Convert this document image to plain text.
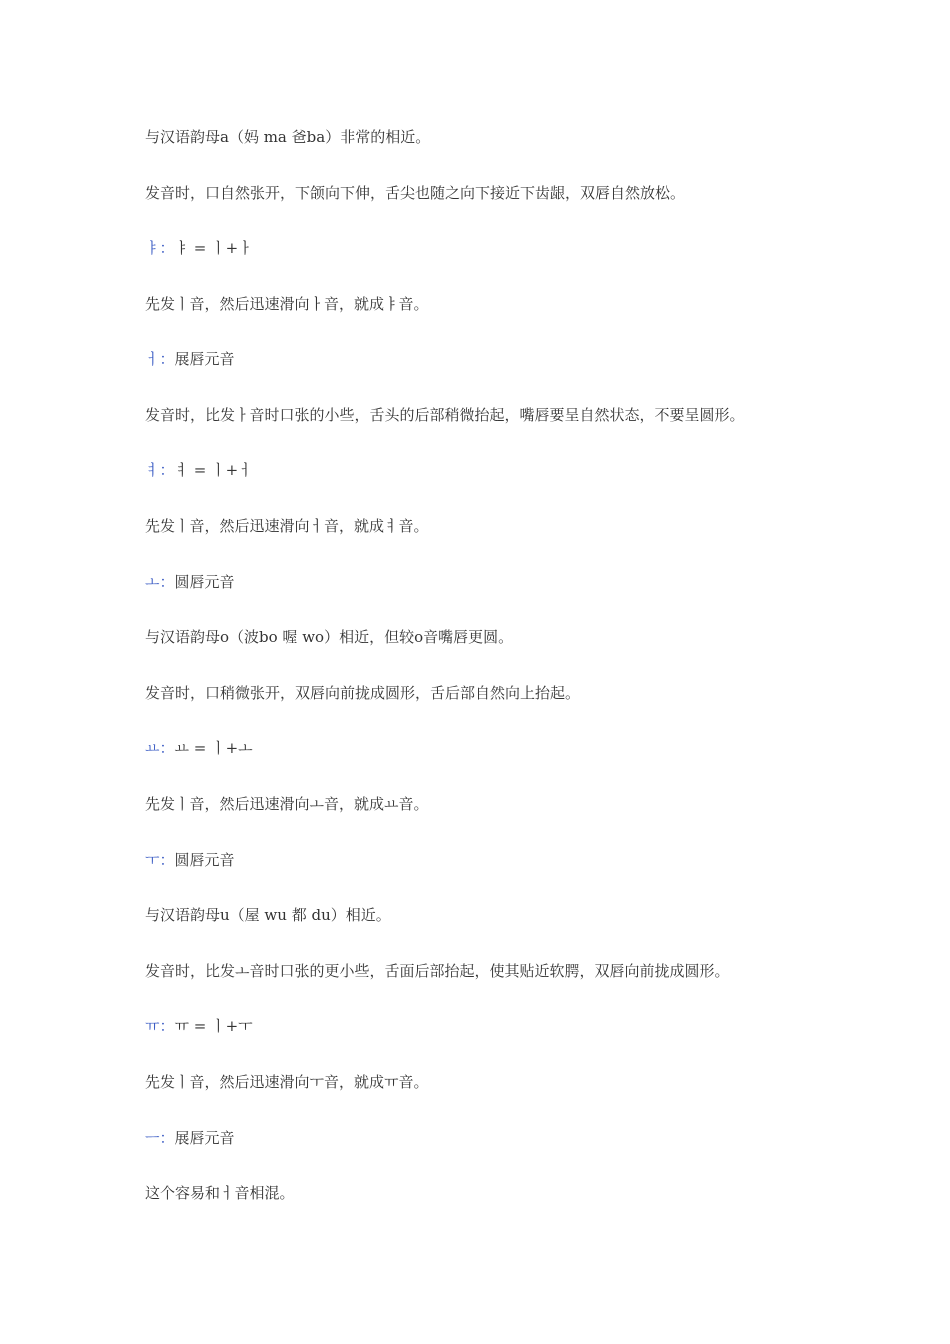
与汉语韵母a（妈 ma 爸ba）非常的相近。
发音时，口自然张开，下颌向下伸，舌尖也随之向下接近下齿龈，双唇自然放松。
ㅑ：ㅑ = ㅣ+ㅏ
先发ㅣ音，然后迅速滑向ㅏ音，就成ㅑ音。
ㅓ：展唇元音
发音时，比发ㅏ音时口张的小些，舌头的后部稍微抬起，嘴唇要呈自然状态，不要呈圆形。
ㅕ：ㅕ = ㅣ+ㅓ
先发ㅣ音，然后迅速滑向ㅓ音，就成ㅕ音。
ㅗ：圆唇元音
与汉语韵母o（波bo 喔 wo）相近，但较o音嘴唇更圆。
发音时，口稍微张开，双唇向前拢成圆形，舌后部自然向上抬起。
ㅛ：ㅛ = ㅣ+ㅗ
先发ㅣ音，然后迅速滑向ㅗ音，就成ㅛ音。
ㅜ：圆唇元音
与汉语韵母u（屋 wu 都 du）相近。
发音时，比发ㅗ音时口张的更小些，舌面后部抬起，使其贴近软腭，双唇向前拢成圆形。
ㅠ：ㅠ = ㅣ+ㅜ
先发ㅣ音，然后迅速滑向ㅜ音，就成ㅠ音。
ㅡ：展唇元音
这个容易和ㅓ音相混。
